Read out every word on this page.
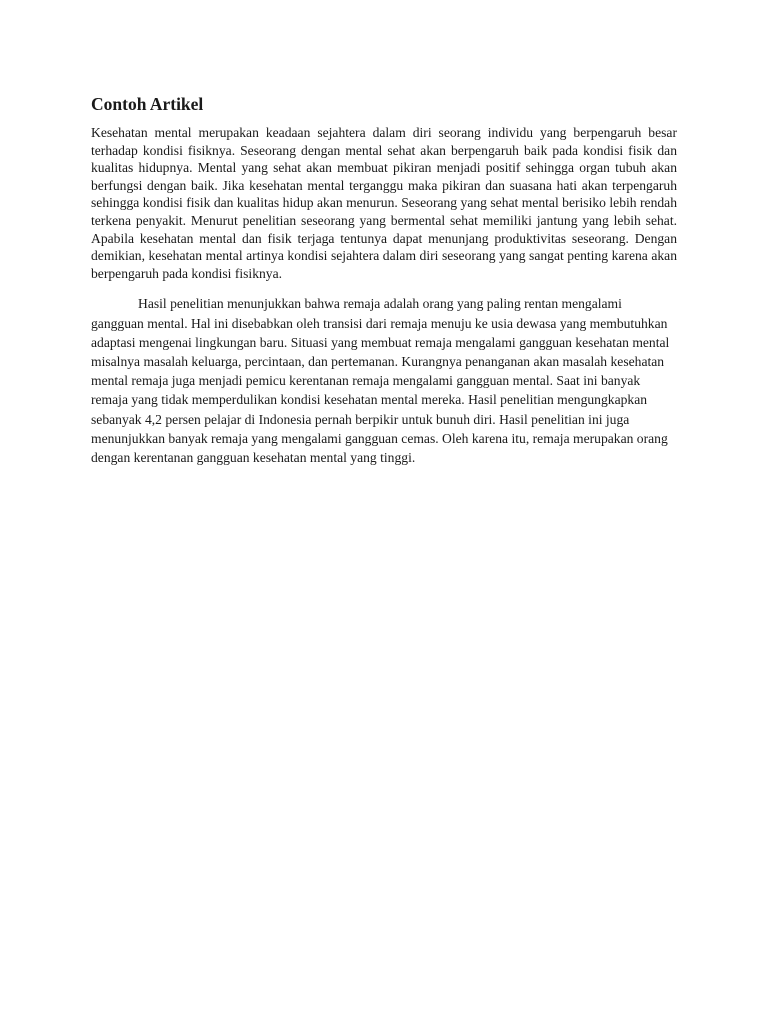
Contoh Artikel

Kesehatan mental merupakan keadaan sejahtera dalam diri seorang individu yang berpengaruh besar terhadap kondisi fisiknya. Seseorang dengan mental sehat akan berpengaruh baik pada kondisi fisik dan kualitas hidupnya. Mental yang sehat akan membuat pikiran menjadi positif sehingga organ tubuh akan berfungsi dengan baik. Jika kesehatan mental terganggu maka pikiran dan suasana hati akan terpengaruh sehingga kondisi fisik dan kualitas hidup akan menurun. Seseorang yang sehat mental berisiko lebih rendah terkena penyakit. Menurut penelitian seseorang yang bermental sehat memiliki jantung yang lebih sehat. Apabila kesehatan mental dan fisik terjaga tentunya dapat menunjang produktivitas seseorang. Dengan demikian, kesehatan mental artinya kondisi sejahtera dalam diri seseorang yang sangat penting karena akan berpengaruh pada kondisi fisiknya.

Hasil penelitian menunjukkan bahwa remaja adalah orang yang paling rentan mengalami gangguan mental. Hal ini disebabkan oleh transisi dari remaja menuju ke usia dewasa yang membutuhkan adaptasi mengenai lingkungan baru. Situasi yang membuat remaja mengalami gangguan kesehatan mental misalnya masalah keluarga, percintaan, dan pertemanan. Kurangnya penanganan akan masalah kesehatan mental remaja juga menjadi pemicu kerentanan remaja mengalami gangguan mental. Saat ini banyak remaja yang tidak memperdulikan kondisi kesehatan mental mereka. Hasil penelitian mengungkapkan sebanyak 4,2 persen pelajar di Indonesia pernah berpikir untuk bunuh diri. Hasil penelitian ini juga menunjukkan banyak remaja yang mengalami gangguan cemas. Oleh karena itu, remaja merupakan orang dengan kerentanan gangguan kesehatan mental yang tinggi.
